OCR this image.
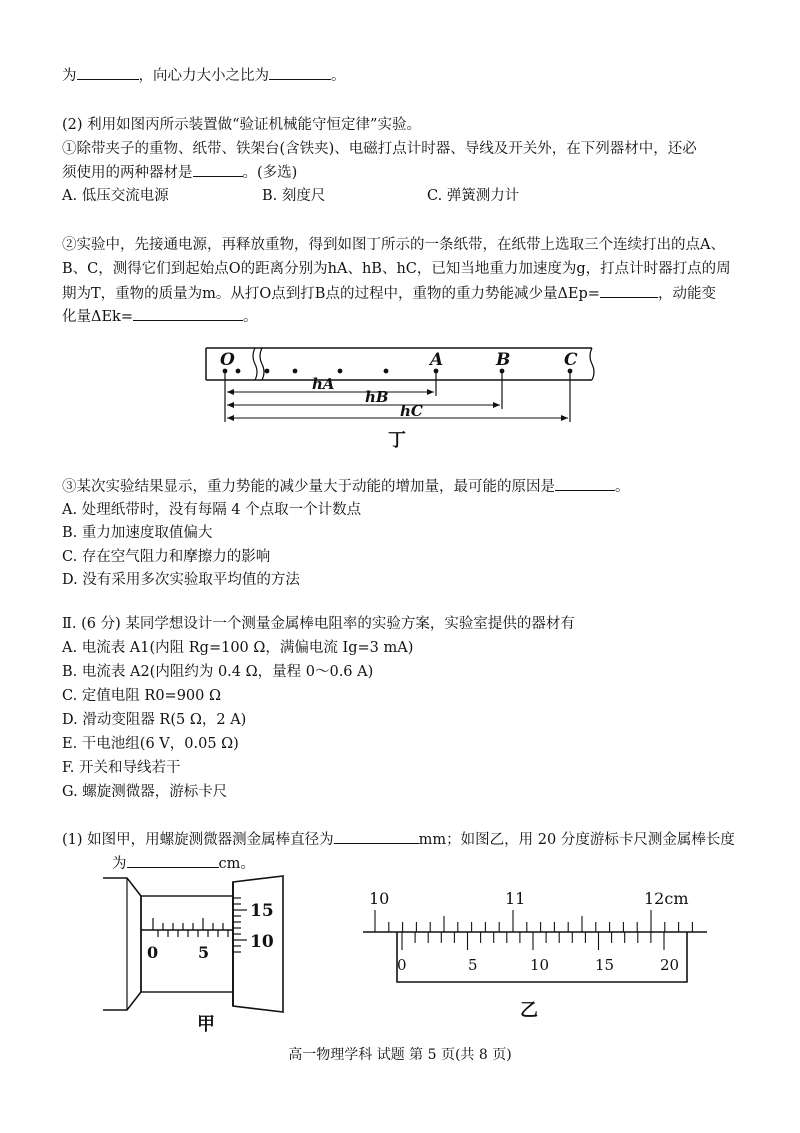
为	，向心力大小之比为	。
(2) 利用如图丙所示装置做“验证机械能守恒定律”实验。
①除带夹子的重物、纸带、铁架台(含铁夹)、电磁打点计时器、导线及开关外，在下列器材中，还必
须使用的两种器材是	。(多选)
A. 低压交流电源	B. 刻度尺	C. 弹簧测力计
②实验中，先接通电源，再释放重物，得到如图丁所示的一条纸带，在纸带上选取三个连续打出的点A、
B、C，测得它们到起始点O的距离分别为hA、hB、hC，已知当地重力加速度为g，打点计时器打点的周
期为T，重物的质量为m。从打O点到打B点的过程中，重物的重力势能减少量ΔEp=	，动能变
化量ΔEk=	。
O	A	B	C
hA
hB
hC
丁
③某次实验结果显示，重力势能的减少量大于动能的增加量，最可能的原因是	。
A. 处理纸带时，没有每隔 4 个点取一个计数点
B. 重力加速度取值偏大
C. 存在空气阻力和摩擦力的影响
D. 没有采用多次实验取平均值的方法
Ⅱ. (6 分) 某同学想设计一个测量金属棒电阻率的实验方案，实验室提供的器材有
A. 电流表 A1(内阻 Rg=100 Ω，满偏电流 Ig=3 mA)
B. 电流表 A2(内阻约为 0.4 Ω，量程 0～0.6 A)
C. 定值电阻 R0=900 Ω
D. 滑动变阻器 R(5 Ω，2 A)
E. 干电池组(6 V，0.05 Ω)
F. 开关和导线若干
G. 螺旋测微器，游标卡尺
(1) 如图甲，用螺旋测微器测金属棒直径为	mm；如图乙，用 20 分度游标卡尺测金属棒长度
为	cm。
0 5
15
10
甲
10	11	12cm
0	5	10	15	20
乙
高一物理学科 试题 第 5 页(共 8 页)
